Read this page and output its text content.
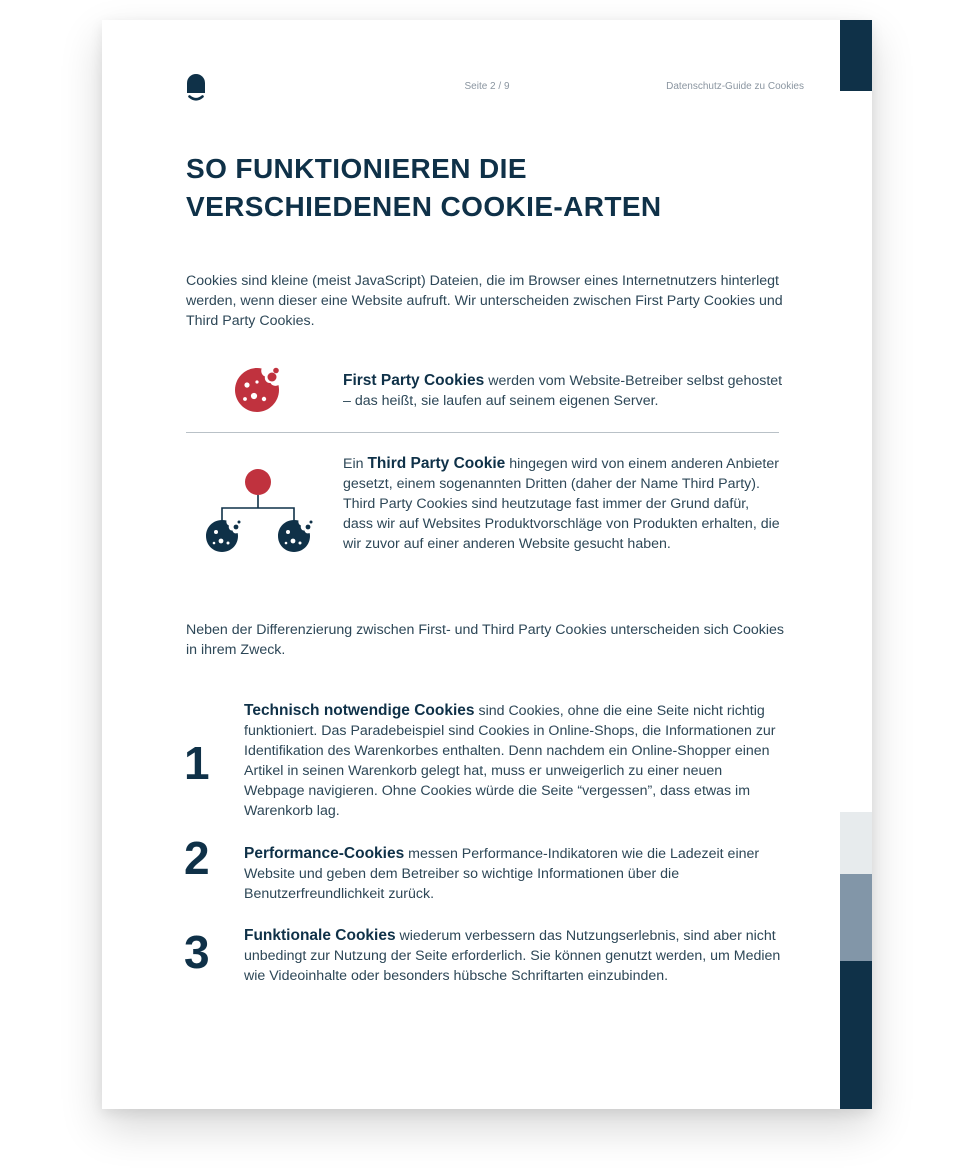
Seite 2 / 9	Datenschutz-Guide zu Cookies
SO FUNKTIONIEREN DIE
VERSCHIEDENEN COOKIE-ARTEN

Cookies sind kleine (meist JavaScript) Dateien, die im Browser eines Internetnutzers hinterlegt werden, wenn dieser eine Website aufruft. Wir unterscheiden zwischen First Party Cookies und Third Party Cookies.

First Party Cookies werden vom Website-Betreiber selbst gehostet – das heißt, sie laufen auf seinem eigenen Server.

Ein Third Party Cookie hingegen wird von einem anderen Anbieter gesetzt, einem sogenannten Dritten (daher der Name Third Party). Third Party Cookies sind heutzutage fast immer der Grund dafür, dass wir auf Websites Produktvorschläge von Produkten erhalten, die wir zuvor auf einer anderen Website gesucht haben.

Neben der Differenzierung zwischen First- und Third Party Cookies unterscheiden sich Cookies in ihrem Zweck.

1

Technisch notwendige Cookies sind Cookies, ohne die eine Seite nicht richtig funktioniert. Das Paradebeispiel sind Cookies in Online-Shops, die Informationen zur Identifikation des Warenkorbes enthalten. Denn nachdem ein Online-Shopper einen Artikel in seinen Warenkorb gelegt hat, muss er unweigerlich zu einer neuen Webpage navigieren. Ohne Cookies würde die Seite “vergessen”, dass etwas im Warenkorb lag.

2 Performance-Cookies messen Performance-Indikatoren wie die Ladezeit einer Website und geben dem Betreiber so wichtige Informationen über die Benutzerfreundlichkeit zurück.

3 Funktionale Cookies wiederum verbessern das Nutzungserlebnis, sind aber nicht unbedingt zur Nutzung der Seite erforderlich. Sie können genutzt werden, um Medien wie Videoinhalte oder besonders hübsche Schriftarten einzubinden.
